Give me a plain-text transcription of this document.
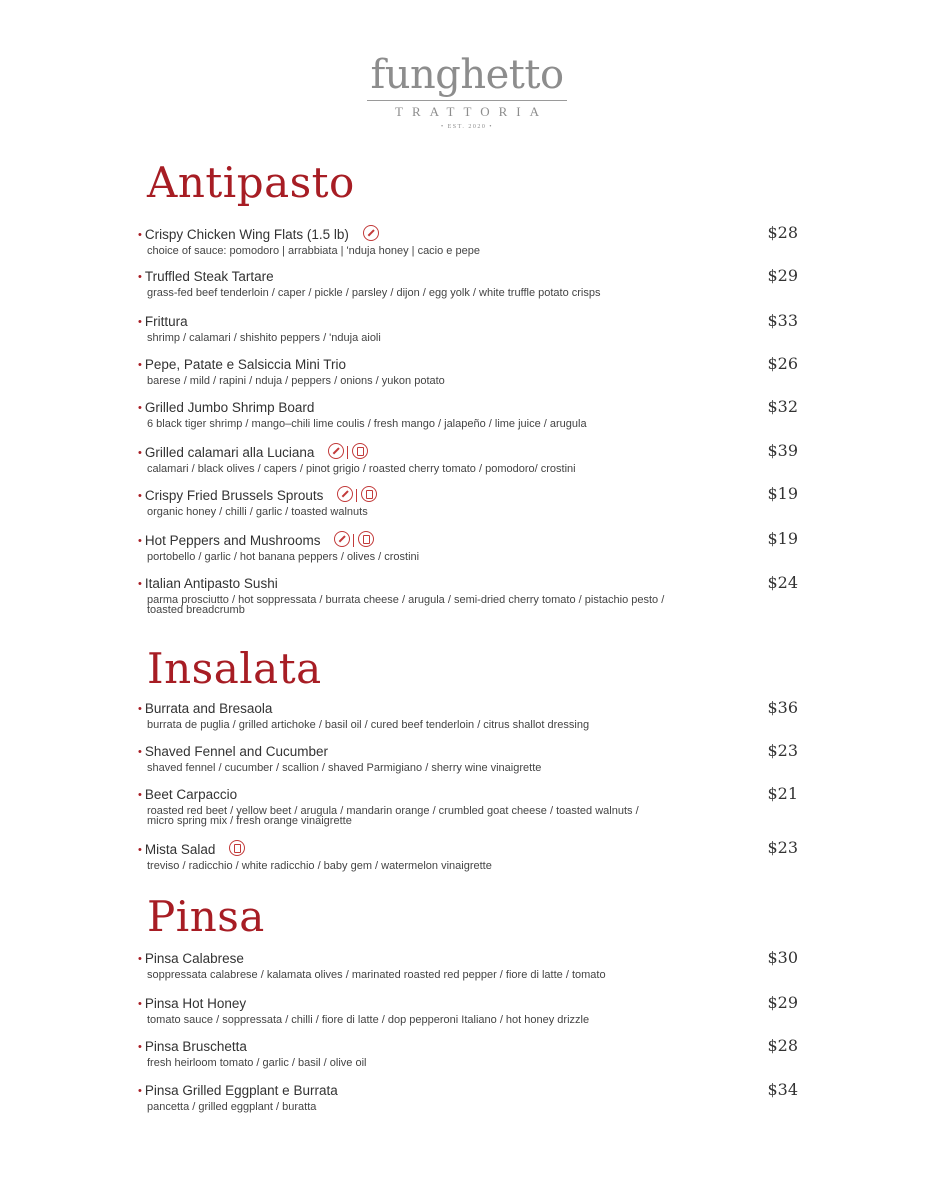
funghetto
TRATTORIA
• EST. 2020 •
Antipasto
• Crispy Chicken Wing Flats (1.5 lb)
choice of sauce: pomodoro | arrabbiata | 'nduja honey | cacio e pepe
$28
• Truffled Steak Tartare
grass-fed beef tenderloin / caper / pickle / parsley / dijon / egg yolk / white truffle potato crisps
$29
• Frittura
shrimp / calamari / shishito peppers / 'nduja aioli
$33
• Pepe, Patate e Salsiccia Mini Trio
barese / mild / rapini / nduja / peppers / onions / yukon potato
$26
• Grilled Jumbo Shrimp Board
6 black tiger shrimp / mango–chili lime coulis / fresh mango / jalapeño / lime juice / arugula
$32
• Grilled calamari alla Luciana
calamari / black olives / capers / pinot grigio / roasted cherry tomato / pomodoro/ crostini
$39
• Crispy Fried Brussels Sprouts
organic honey / chilli / garlic / toasted walnuts
$19
• Hot Peppers and Mushrooms
portobello / garlic / hot banana peppers / olives / crostini
$19
• Italian Antipasto Sushi
parma prosciutto / hot soppressata / burrata cheese / arugula / semi-dried cherry tomato / pistachio pesto / toasted breadcrumb
$24
Insalata
• Burrata and Bresaola
burrata de puglia / grilled artichoke / basil oil / cured beef tenderloin / citrus shallot dressing
$36
• Shaved Fennel and Cucumber
shaved fennel / cucumber / scallion / shaved Parmigiano / sherry wine vinaigrette
$23
• Beet Carpaccio
roasted red beet / yellow beet / arugula / mandarin orange / crumbled goat cheese / toasted walnuts / micro spring mix / fresh orange vinaigrette
$21
• Mista Salad
treviso / radicchio / white radicchio / baby gem / watermelon vinaigrette
$23
Pinsa
• Pinsa Calabrese
soppressata calabrese / kalamata olives / marinated roasted red pepper / fiore di latte / tomato
$30
• Pinsa Hot Honey
tomato sauce / soppressata / chilli / fiore di latte / dop pepperoni Italiano / hot honey drizzle
$29
• Pinsa Bruschetta
fresh heirloom tomato / garlic / basil / olive oil
$28
• Pinsa Grilled Eggplant e Burrata
pancetta / grilled eggplant / buratta
$34
